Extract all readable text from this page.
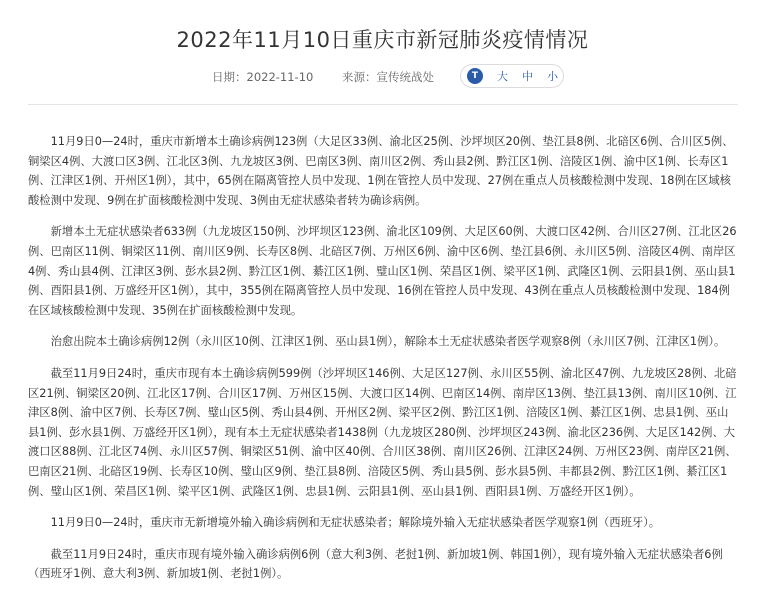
2022年11月10日重庆市新冠肺炎疫情情况
日期：2022-11-10 来源：宣传统战处	T	大 中 小

11月9日0—24时，重庆市新增本土确诊病例123例（大足区33例、渝北区25例、沙坪坝区20例、垫江县8例、北碚区6例、合川区5例、铜梁区4例、大渡口区3例、江北区3例、九龙坡区3例、巴南区3例、南川区2例、秀山县2例、黔江区1例、涪陵区1例、渝中区1例、长寿区1例、江津区1例、开州区1例），其中，65例在隔离管控人员中发现、1例在管控人员中发现、27例在重点人员核酸检测中发现、18例在区域核酸检测中发现、9例在扩面核酸检测中发现、3例由无症状感染者转为确诊病例。

新增本土无症状感染者633例（九龙坡区150例、沙坪坝区123例、渝北区109例、大足区60例、大渡口区42例、合川区27例、江北区26例、巴南区11例、铜梁区11例、南川区9例、长寿区8例、北碚区7例、万州区6例、渝中区6例、垫江县6例、永川区5例、涪陵区4例、南岸区4例、秀山县4例、江津区3例、彭水县2例、黔江区1例、綦江区1例、璧山区1例、荣昌区1例、梁平区1例、武隆区1例、云阳县1例、巫山县1例、酉阳县1例、万盛经开区1例），其中，355例在隔离管控人员中发现、16例在管控人员中发现、43例在重点人员核酸检测中发现、184例在区域核酸检测中发现、35例在扩面核酸检测中发现。

治愈出院本土确诊病例12例（永川区10例、江津区1例、巫山县1例），解除本土无症状感染者医学观察8例（永川区7例、江津区1例）。

截至11月9日24时，重庆市现有本土确诊病例599例（沙坪坝区146例、大足区127例、永川区55例、渝北区47例、九龙坡区28例、北碚区21例、铜梁区20例、江北区17例、合川区17例、万州区15例、大渡口区14例、巴南区14例、南岸区13例、垫江县13例、南川区10例、江津区8例、渝中区7例、长寿区7例、璧山区5例、秀山县4例、开州区2例、梁平区2例、黔江区1例、涪陵区1例、綦江区1例、忠县1例、巫山县1例、彭水县1例、万盛经开区1例），现有本土无症状感染者1438例（九龙坡区280例、沙坪坝区243例、渝北区236例、大足区142例、大渡口区88例、江北区74例、永川区57例、铜梁区51例、渝中区40例、合川区38例、南川区26例、江津区24例、万州区23例、南岸区21例、巴南区21例、北碚区19例、长寿区10例、璧山区9例、垫江县8例、涪陵区5例、秀山县5例、彭水县5例、丰都县2例、黔江区1例、綦江区1例、璧山区1例、荣昌区1例、梁平区1例、武隆区1例、忠县1例、云阳县1例、巫山县1例、酉阳县1例、万盛经开区1例）。

11月9日0—24时，重庆市无新增境外输入确诊病例和无症状感染者；解除境外输入无症状感染者医学观察1例（西班牙）。

截至11月9日24时，重庆市现有境外输入确诊病例6例（意大利3例、老挝1例、新加坡1例、韩国1例），现有境外输入无症状感染者6例（西班牙1例、意大利3例、新加坡1例、老挝1例）。
